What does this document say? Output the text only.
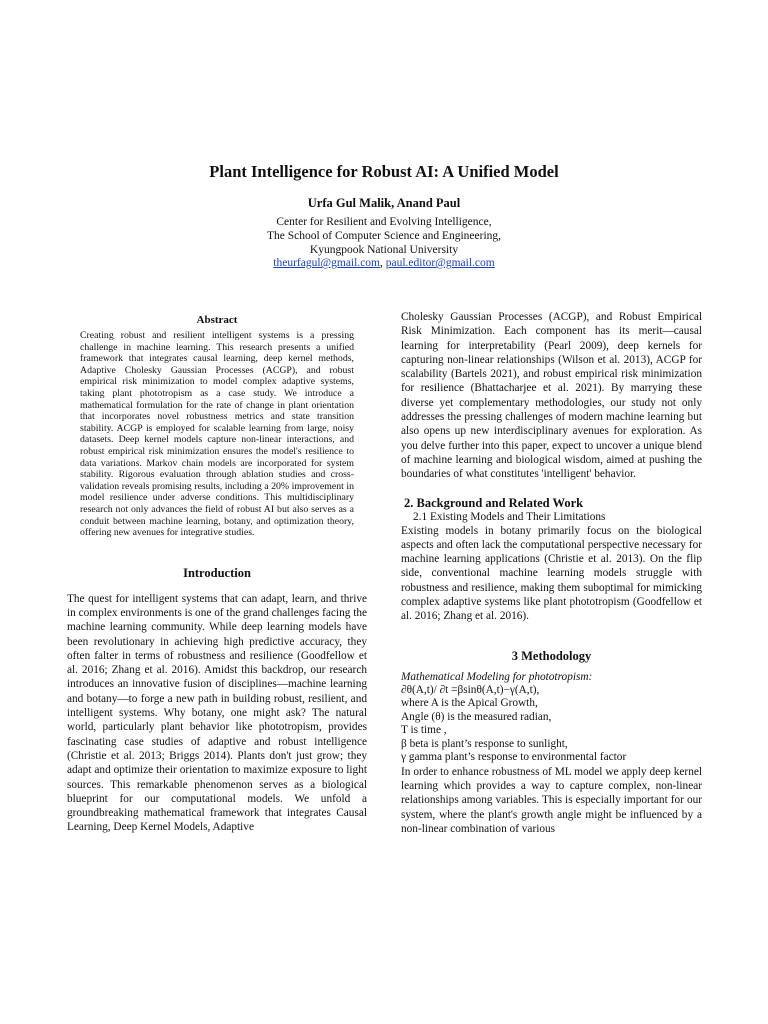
Plant Intelligence for Robust AI: A Unified Model
Urfa Gul Malik, Anand Paul
Center for Resilient and Evolving Intelligence,
The School of Computer Science and Engineering,
Kyungpook National University
theurfagul@gmail.com, paul.editor@gmail.com
Abstract
Creating robust and resilient intelligent systems is a pressing challenge in machine learning. This research presents a unified framework that integrates causal learning, deep kernel methods, Adaptive Cholesky Gaussian Processes (ACGP), and robust empirical risk minimization to model complex adaptive systems, taking plant phototropism as a case study. We introduce a mathematical formulation for the rate of change in plant orientation that incorporates novel robustness metrics and state transition stability. ACGP is employed for scalable learning from large, noisy datasets. Deep kernel models capture non-linear interactions, and robust empirical risk minimization ensures the model's resilience to data variations. Markov chain models are incorporated for system stability. Rigorous evaluation through ablation studies and cross-validation reveals promising results, including a 20% improvement in model resilience under adverse conditions. This multidisciplinary research not only advances the field of robust AI but also serves as a conduit between machine learning, botany, and optimization theory, offering new avenues for integrative studies.
Introduction
The quest for intelligent systems that can adapt, learn, and thrive in complex environments is one of the grand challenges facing the machine learning community. While deep learning models have been revolutionary in achieving high predictive accuracy, they often falter in terms of robustness and resilience (Goodfellow et al. 2016; Zhang et al. 2016). Amidst this backdrop, our research introduces an innovative fusion of disciplines—machine learning and botany—to forge a new path in building robust, resilient, and intelligent systems. Why botany, one might ask? The natural world, particularly plant behavior like phototropism, provides fascinating case studies of adaptive and robust intelligence (Christie et al. 2013; Briggs 2014). Plants don't just grow; they adapt and optimize their orientation to maximize exposure to light sources. This remarkable phenomenon serves as a biological blueprint for our computational models. We unfold a groundbreaking mathematical framework that integrates Causal Learning, Deep Kernel Models, Adaptive
Cholesky Gaussian Processes (ACGP), and Robust Empirical Risk Minimization. Each component has its merit—causal learning for interpretability (Pearl 2009), deep kernels for capturing non-linear relationships (Wilson et al. 2013), ACGP for scalability (Bartels 2021), and robust empirical risk minimization for resilience (Bhattacharjee et al. 2021). By marrying these diverse yet complementary methodologies, our study not only addresses the pressing challenges of modern machine learning but also opens up new interdisciplinary avenues for exploration. As you delve further into this paper, expect to uncover a unique blend of machine learning and biological wisdom, aimed at pushing the boundaries of what constitutes 'intelligent' behavior.
2. Background and Related Work
2.1 Existing Models and Their Limitations
Existing models in botany primarily focus on the biological aspects and often lack the computational perspective necessary for machine learning applications (Christie et al. 2013). On the flip side, conventional machine learning models struggle with robustness and resilience, making them suboptimal for mimicking complex adaptive systems like plant phototropism (Goodfellow et al. 2016; Zhang et al. 2016).
3 Methodology
Mathematical Modeling for phototropism:
∂θ(A,t)/ ∂t =βsinθ(A,t)−γ(A,t),
where A is the Apical Growth,
Angle (θ) is the measured radian,
T is time ,
β beta is plant’s response to sunlight,
γ gamma plant’s response to environmental factor
In order to enhance robustness of ML model we apply deep kernel learning which provides a way to capture complex, non-linear relationships among variables. This is especially important for our system, where the plant's growth angle might be influenced by a non-linear combination of various
